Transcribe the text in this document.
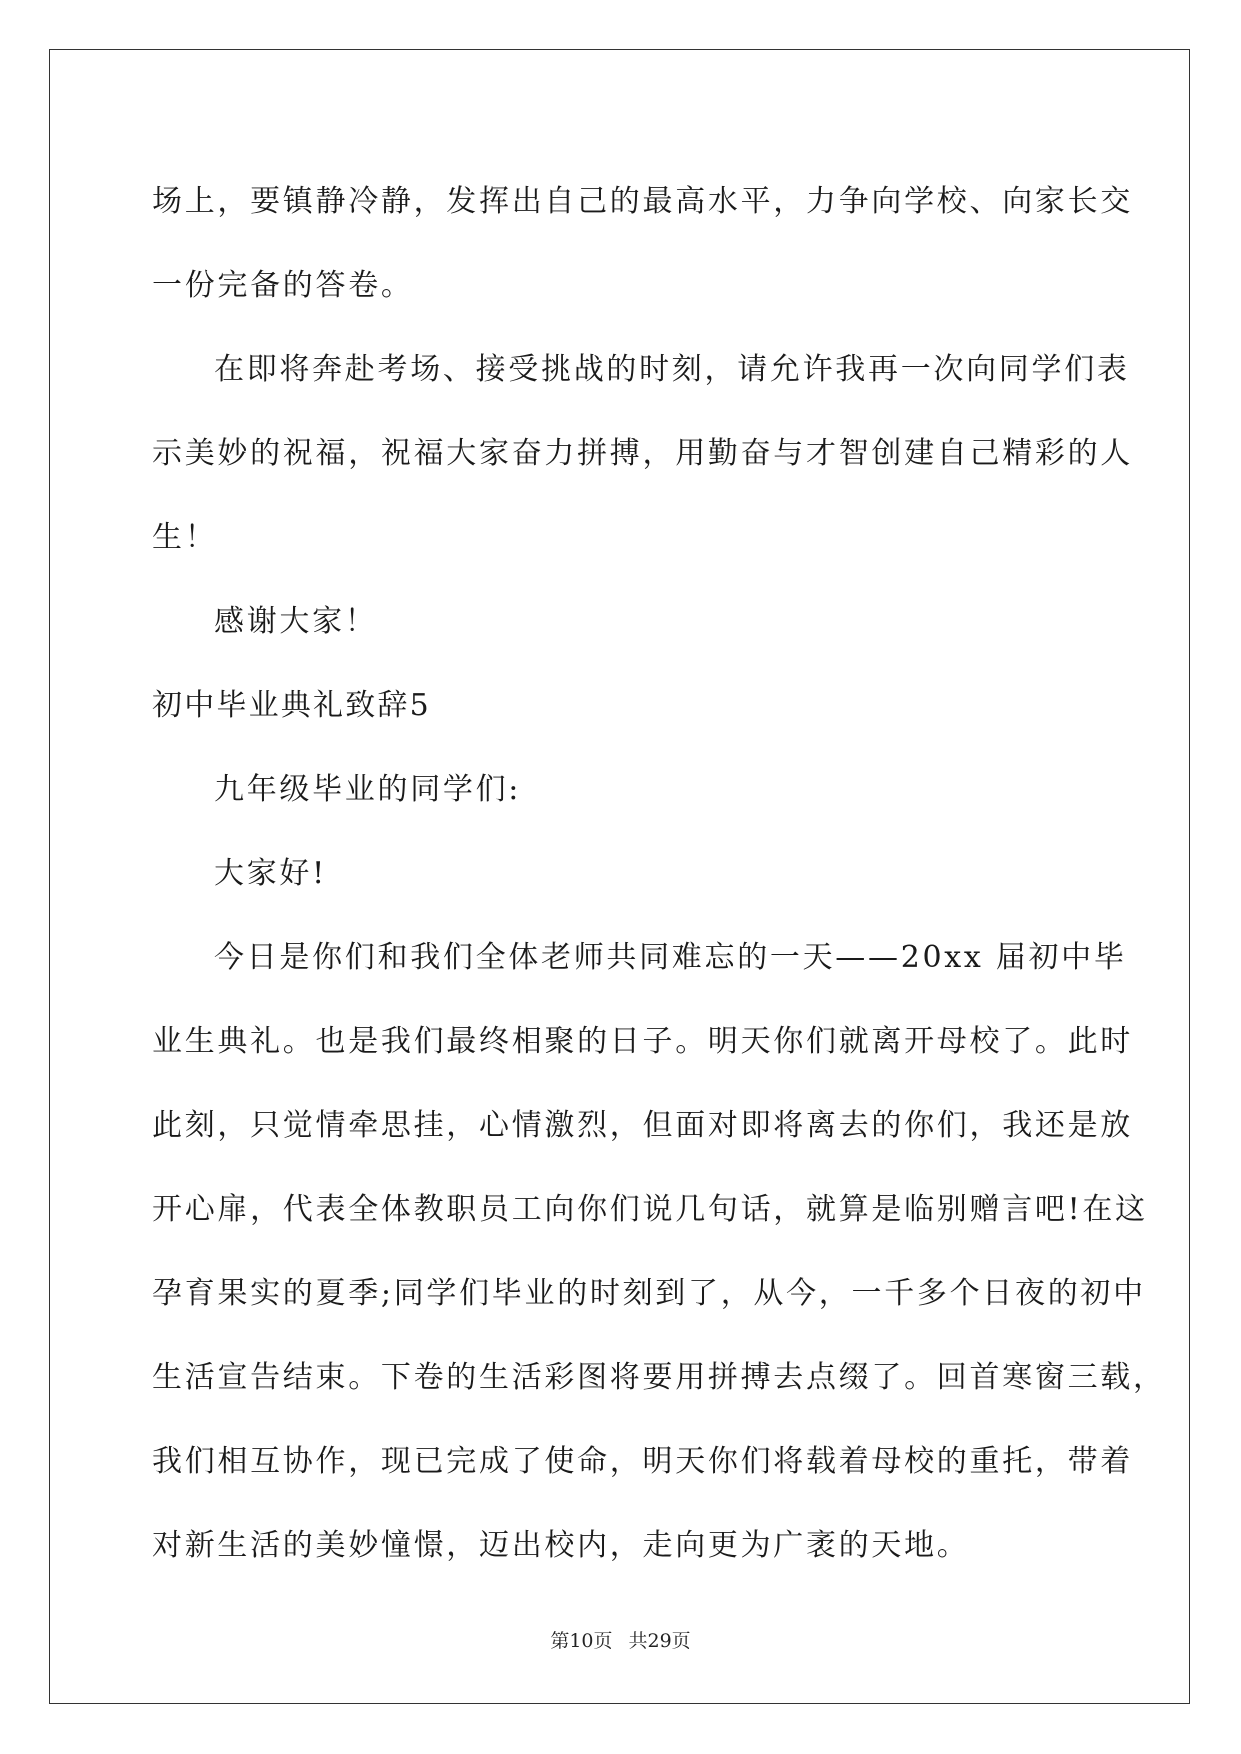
场上，要镇静冷静，发挥出自己的最高水平，力争向学校、向家长交
一份完备的答卷。
在即将奔赴考场、接受挑战的时刻，请允许我再一次向同学们表
示美妙的祝福，祝福大家奋力拼搏，用勤奋与才智创建自己精彩的人
生！
感谢大家！
初中毕业典礼致辞5
九年级毕业的同学们:
大家好!
今日是你们和我们全体老师共同难忘的一天——20xx 届初中毕
业生典礼。也是我们最终相聚的日子。明天你们就离开母校了。此时
此刻，只觉情牵思挂，心情激烈，但面对即将离去的你们，我还是放
开心扉，代表全体教职员工向你们说几句话，就算是临别赠言吧!在这
孕育果实的夏季;同学们毕业的时刻到了，从今，一千多个日夜的初中
生活宣告结束。下卷的生活彩图将要用拼搏去点缀了。回首寒窗三载，
我们相互协作，现已完成了使命，明天你们将载着母校的重托，带着
对新生活的美妙憧憬，迈出校内，走向更为广袤的天地。
第10页 共29页
